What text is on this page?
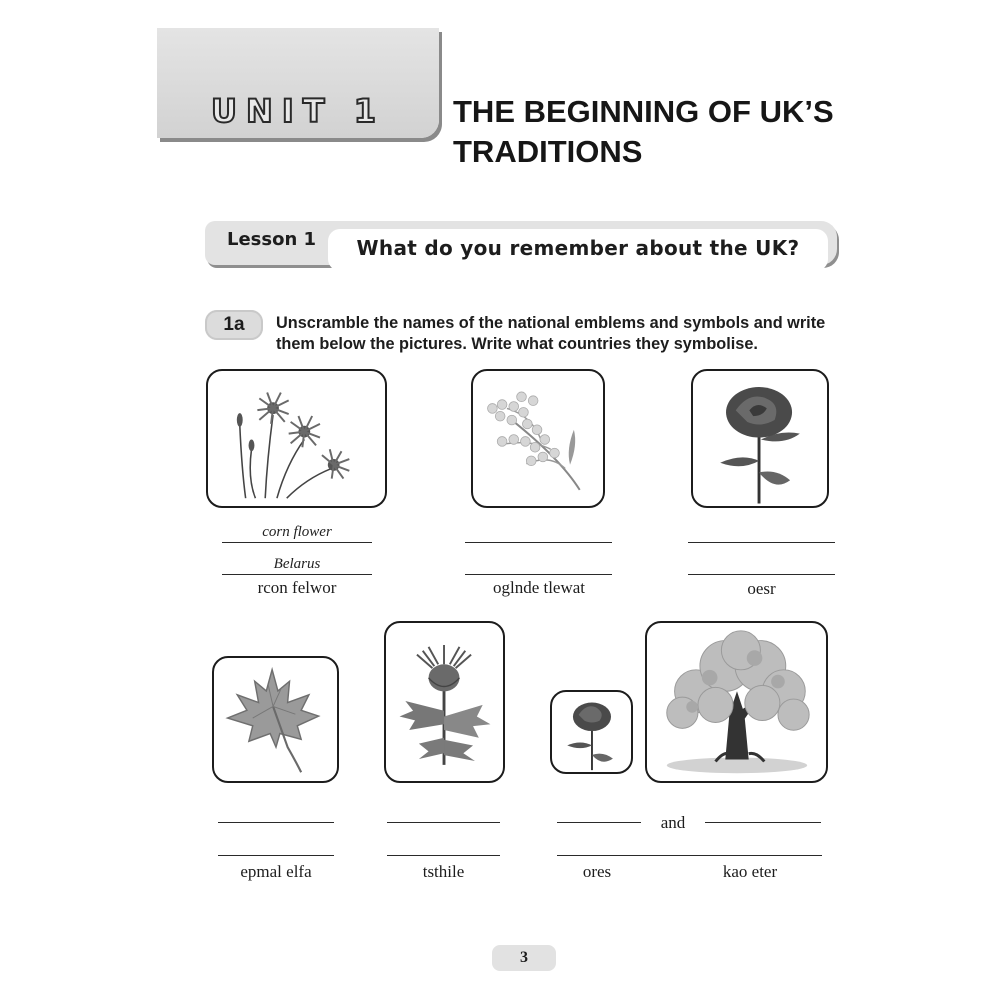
UNIT 1	THE BEGINNING OF UK’S TRADITIONS
Lesson 1	What do you remember about the UK?
1a	Unscramble the names of the national emblems and symbols and write them below the pictures. Write what countries they symbolise.
corn flower
Belarus
rcon felwor	oglnde tlewat	oesr
epmal elfa	tsthile
and
ores	kao eter
3
